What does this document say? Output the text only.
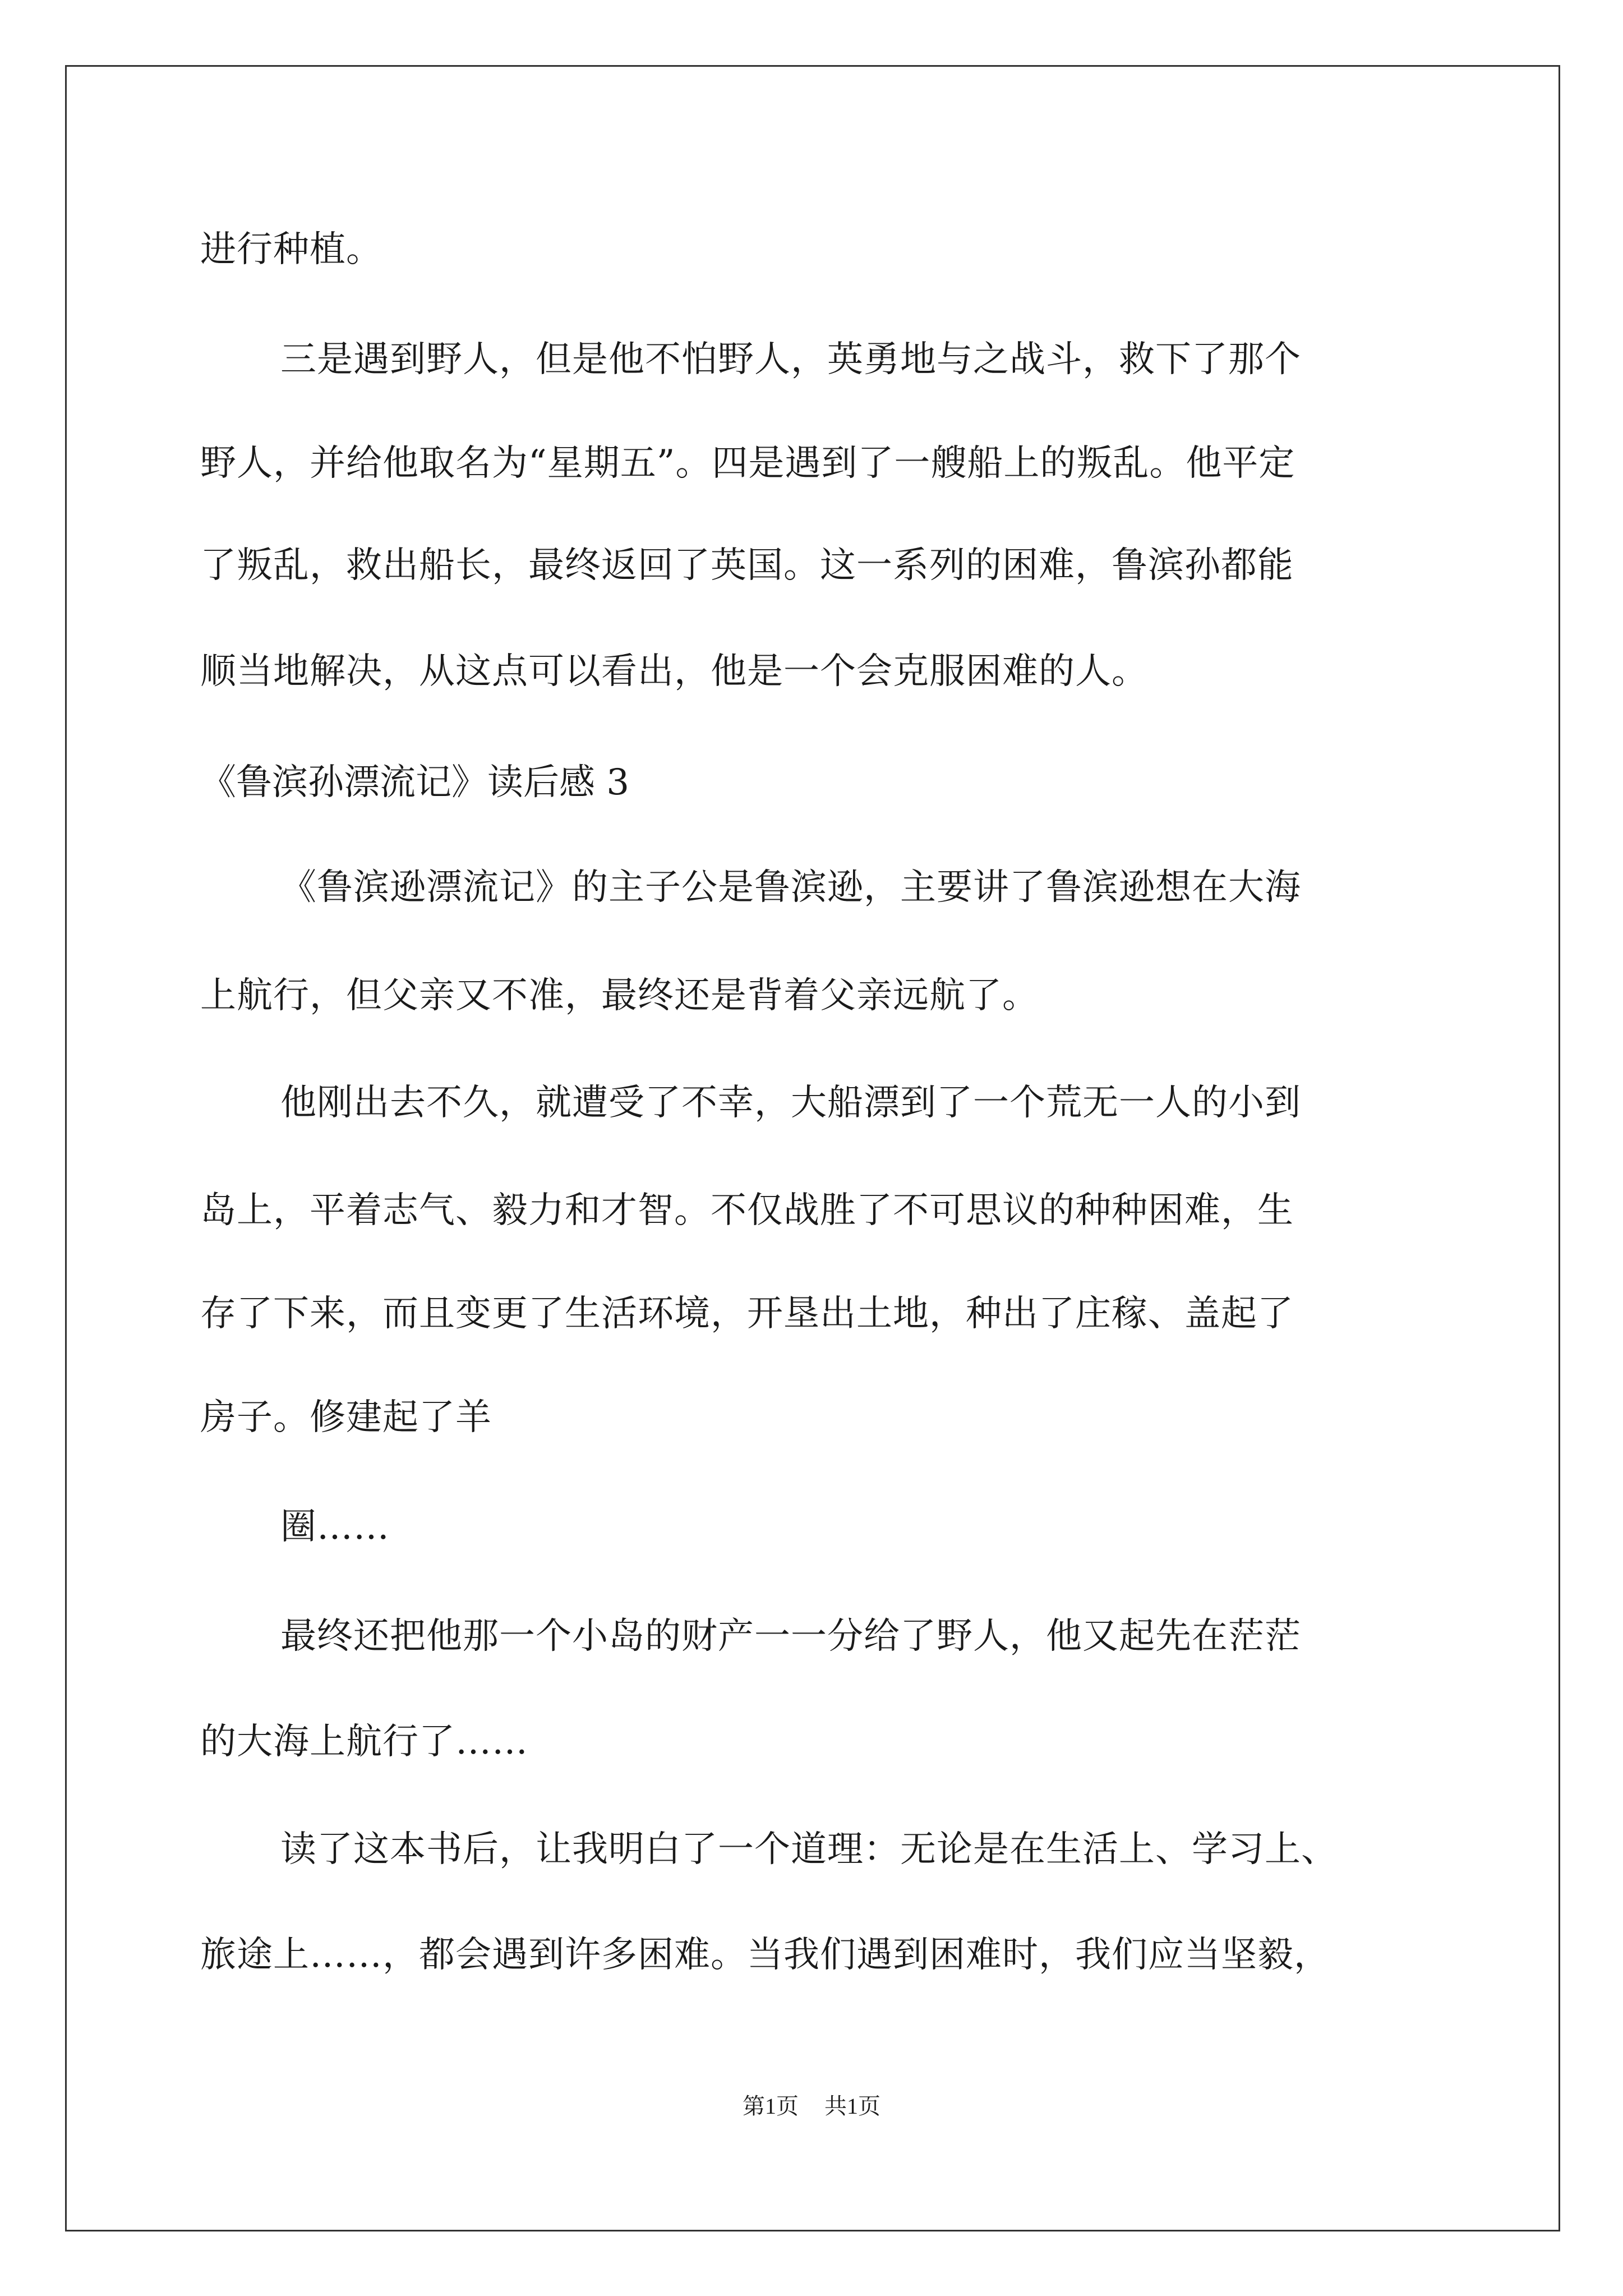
进行种植。
三是遇到野人，但是他不怕野人，英勇地与之战斗，救下了那个
野人，并给他取名为“星期五”。四是遇到了一艘船上的叛乱。他平定
了叛乱，救出船长，最终返回了英国。这一系列的困难，鲁滨孙都能
顺当地解决，从这点可以看出，他是一个会克服困难的人。
《鲁滨孙漂流记》读后感 3
《鲁滨逊漂流记》的主子公是鲁滨逊，主要讲了鲁滨逊想在大海
上航行，但父亲又不准，最终还是背着父亲远航了。
他刚出去不久，就遭受了不幸，大船漂到了一个荒无一人的小到
岛上，平着志气、毅力和才智。不仅战胜了不可思议的种种困难，生
存了下来，而且变更了生活环境，开垦出土地，种出了庄稼、盖起了
房子。修建起了羊
圈……
最终还把他那一个小岛的财产一一分给了野人，他又起先在茫茫
的大海上航行了……
读了这本书后，让我明白了一个道理：无论是在生活上、学习上、
旅途上……，都会遇到许多困难。当我们遇到困难时，我们应当坚毅，
第1页 共1页
